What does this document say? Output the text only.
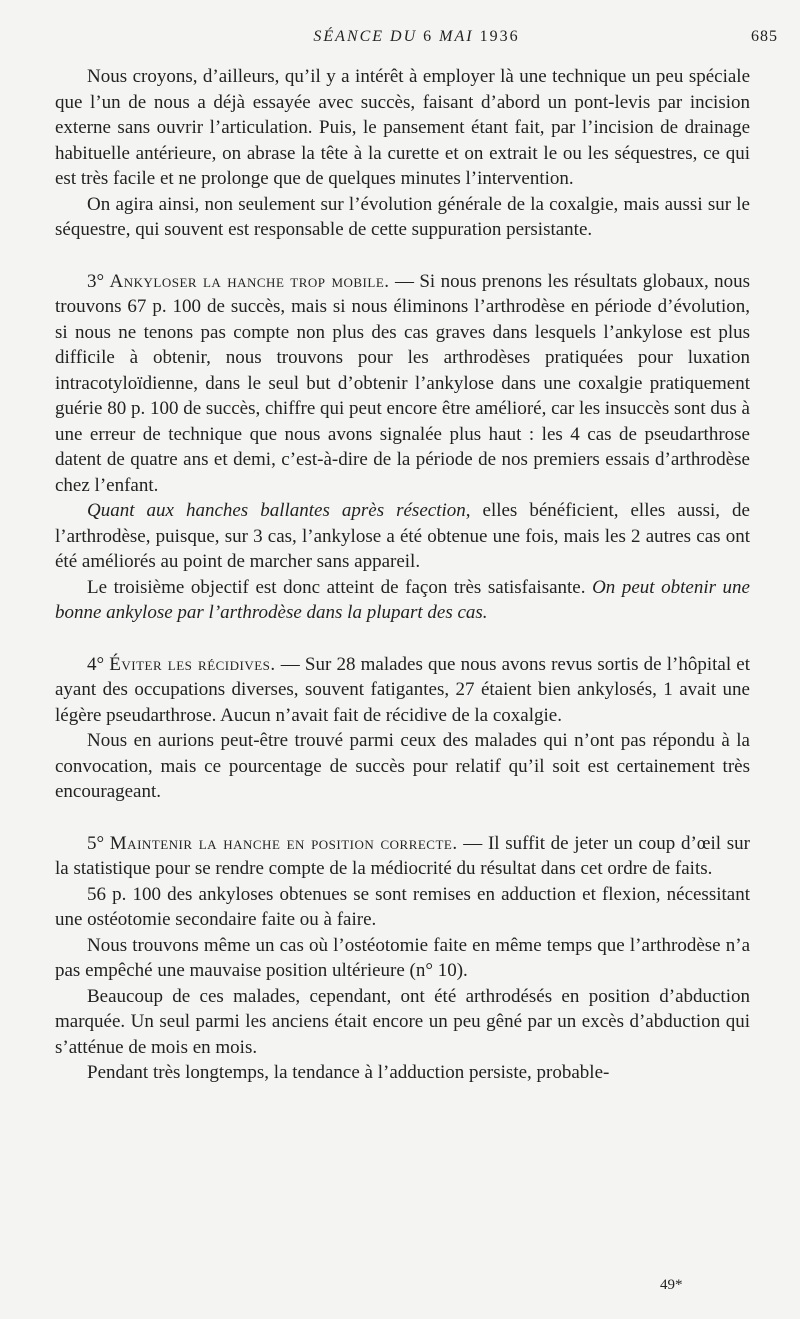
SÉANCE DU 6 MAI 1936	685

Nous croyons, d’ailleurs, qu’il y a intérêt à employer là une technique un peu spéciale que l’un de nous a déjà essayée avec succès, faisant d’abord un pont-levis par incision externe sans ouvrir l’articulation. Puis, le pansement étant fait, par l’incision de drainage habituelle antérieure, on abrase la tête à la curette et on extrait le ou les séquestres, ce qui est très facile et ne prolonge que de quelques minutes l’intervention.

On agira ainsi, non seulement sur l’évolution générale de la coxalgie, mais aussi sur le séquestre, qui souvent est responsable de cette suppuration persistante.

3° Ankyloser la hanche trop mobile. — Si nous prenons les résultats globaux, nous trouvons 67 p. 100 de succès, mais si nous éliminons l’arthrodèse en période d’évolution, si nous ne tenons pas compte non plus des cas graves dans lesquels l’ankylose est plus difficile à obtenir, nous trouvons pour les arthrodèses pratiquées pour luxation intracotyloïdienne, dans le seul but d’obtenir l’ankylose dans une coxalgie pratiquement guérie 80 p. 100 de succès, chiffre qui peut encore être amélioré, car les insuccès sont dus à une erreur de technique que nous avons signalée plus haut : les 4 cas de pseudarthrose datent de quatre ans et demi, c’est-à-dire de la période de nos premiers essais d’arthrodèse chez l’enfant.

Quant aux hanches ballantes après résection, elles bénéficient, elles aussi, de l’arthrodèse, puisque, sur 3 cas, l’ankylose a été obtenue une fois, mais les 2 autres cas ont été améliorés au point de marcher sans appareil.

Le troisième objectif est donc atteint de façon très satisfaisante. On peut obtenir une bonne ankylose par l’arthrodèse dans la plupart des cas.

4° Éviter les récidives. — Sur 28 malades que nous avons revus sortis de l’hôpital et ayant des occupations diverses, souvent fatigantes, 27 étaient bien ankylosés, 1 avait une légère pseudarthrose. Aucun n’avait fait de récidive de la coxalgie.

Nous en aurions peut-être trouvé parmi ceux des malades qui n’ont pas répondu à la convocation, mais ce pourcentage de succès pour relatif qu’il soit est certainement très encourageant.

5° Maintenir la hanche en position correcte. — Il suffit de jeter un coup d’œil sur la statistique pour se rendre compte de la médiocrité du résultat dans cet ordre de faits.

56 p. 100 des ankyloses obtenues se sont remises en adduction et flexion, nécessitant une ostéotomie secondaire faite ou à faire.

Nous trouvons même un cas où l’ostéotomie faite en même temps que l’arthrodèse n’a pas empêché une mauvaise position ultérieure (n° 10).

Beaucoup de ces malades, cependant, ont été arthrodésés en position d’abduction marquée. Un seul parmi les anciens était encore un peu gêné par un excès d’abduction qui s’atténue de mois en mois.

Pendant très longtemps, la tendance à l’adduction persiste, probable-

49*
